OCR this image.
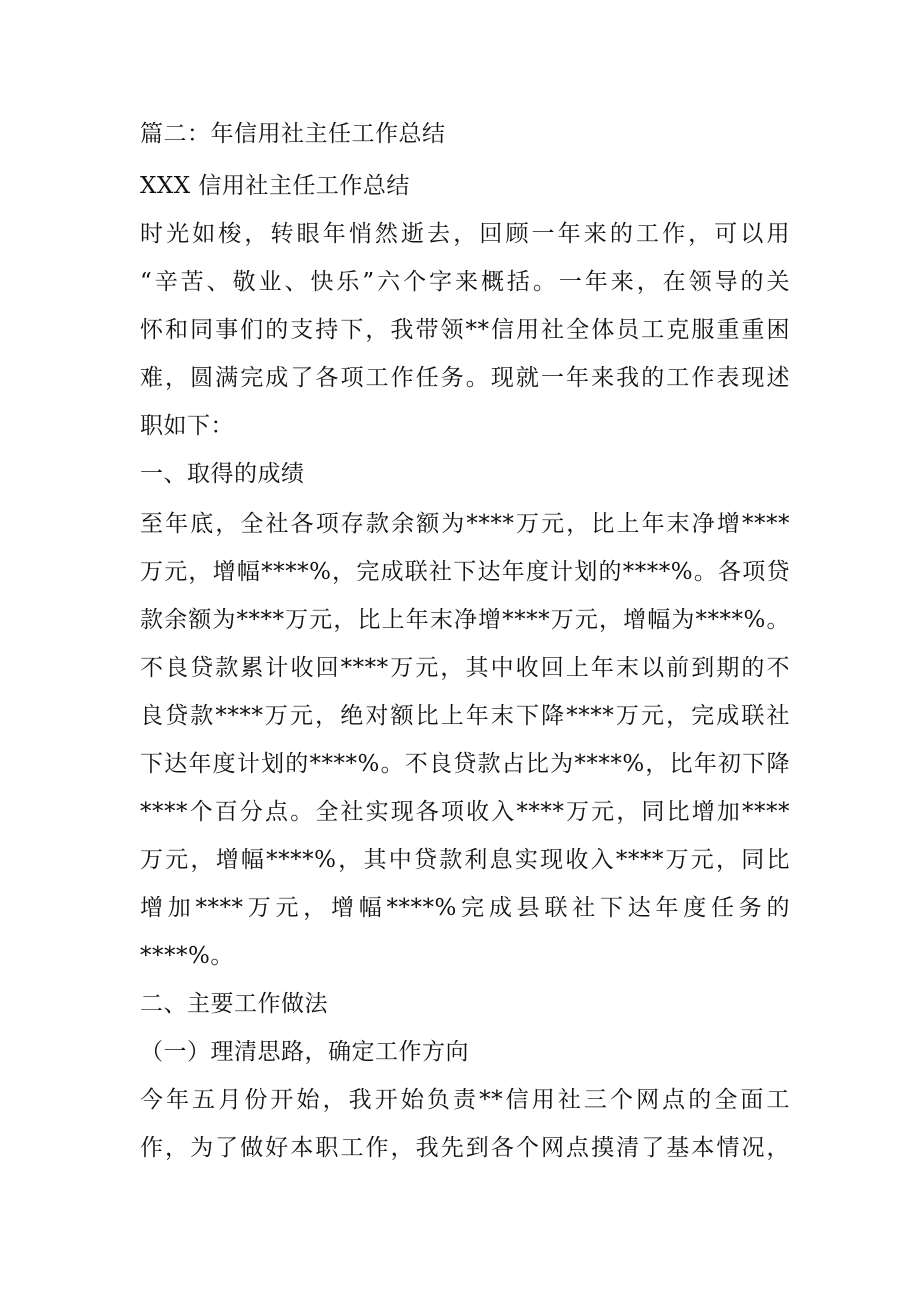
篇二：年信用社主任工作总结
XXX 信用社主任工作总结
时光如梭，转眼年悄然逝去，回顾一年来的工作，可以用
“辛苦、敬业、快乐”六个字来概括。一年来，在领导的关
怀和同事们的支持下，我带领**信用社全体员工克服重重困
难，圆满完成了各项工作任务。现就一年来我的工作表现述
职如下：
一、取得的成绩
至年底，全社各项存款余额为****万元，比上年末净增****
万元，增幅****%，完成联社下达年度计划的****%。各项贷
款余额为****万元，比上年末净增****万元，增幅为****%。
不良贷款累计收回****万元，其中收回上年末以前到期的不
良贷款****万元，绝对额比上年末下降****万元，完成联社
下达年度计划的****%。不良贷款占比为****%，比年初下降
****个百分点。全社实现各项收入****万元，同比增加****
万元，增幅****%，其中贷款利息实现收入****万元，同比
增加****万元，增幅****%完成县联社下达年度任务的
****%。
二、主要工作做法
（一）理清思路，确定工作方向
今年五月份开始，我开始负责**信用社三个网点的全面工
作，为了做好本职工作，我先到各个网点摸清了基本情况，
